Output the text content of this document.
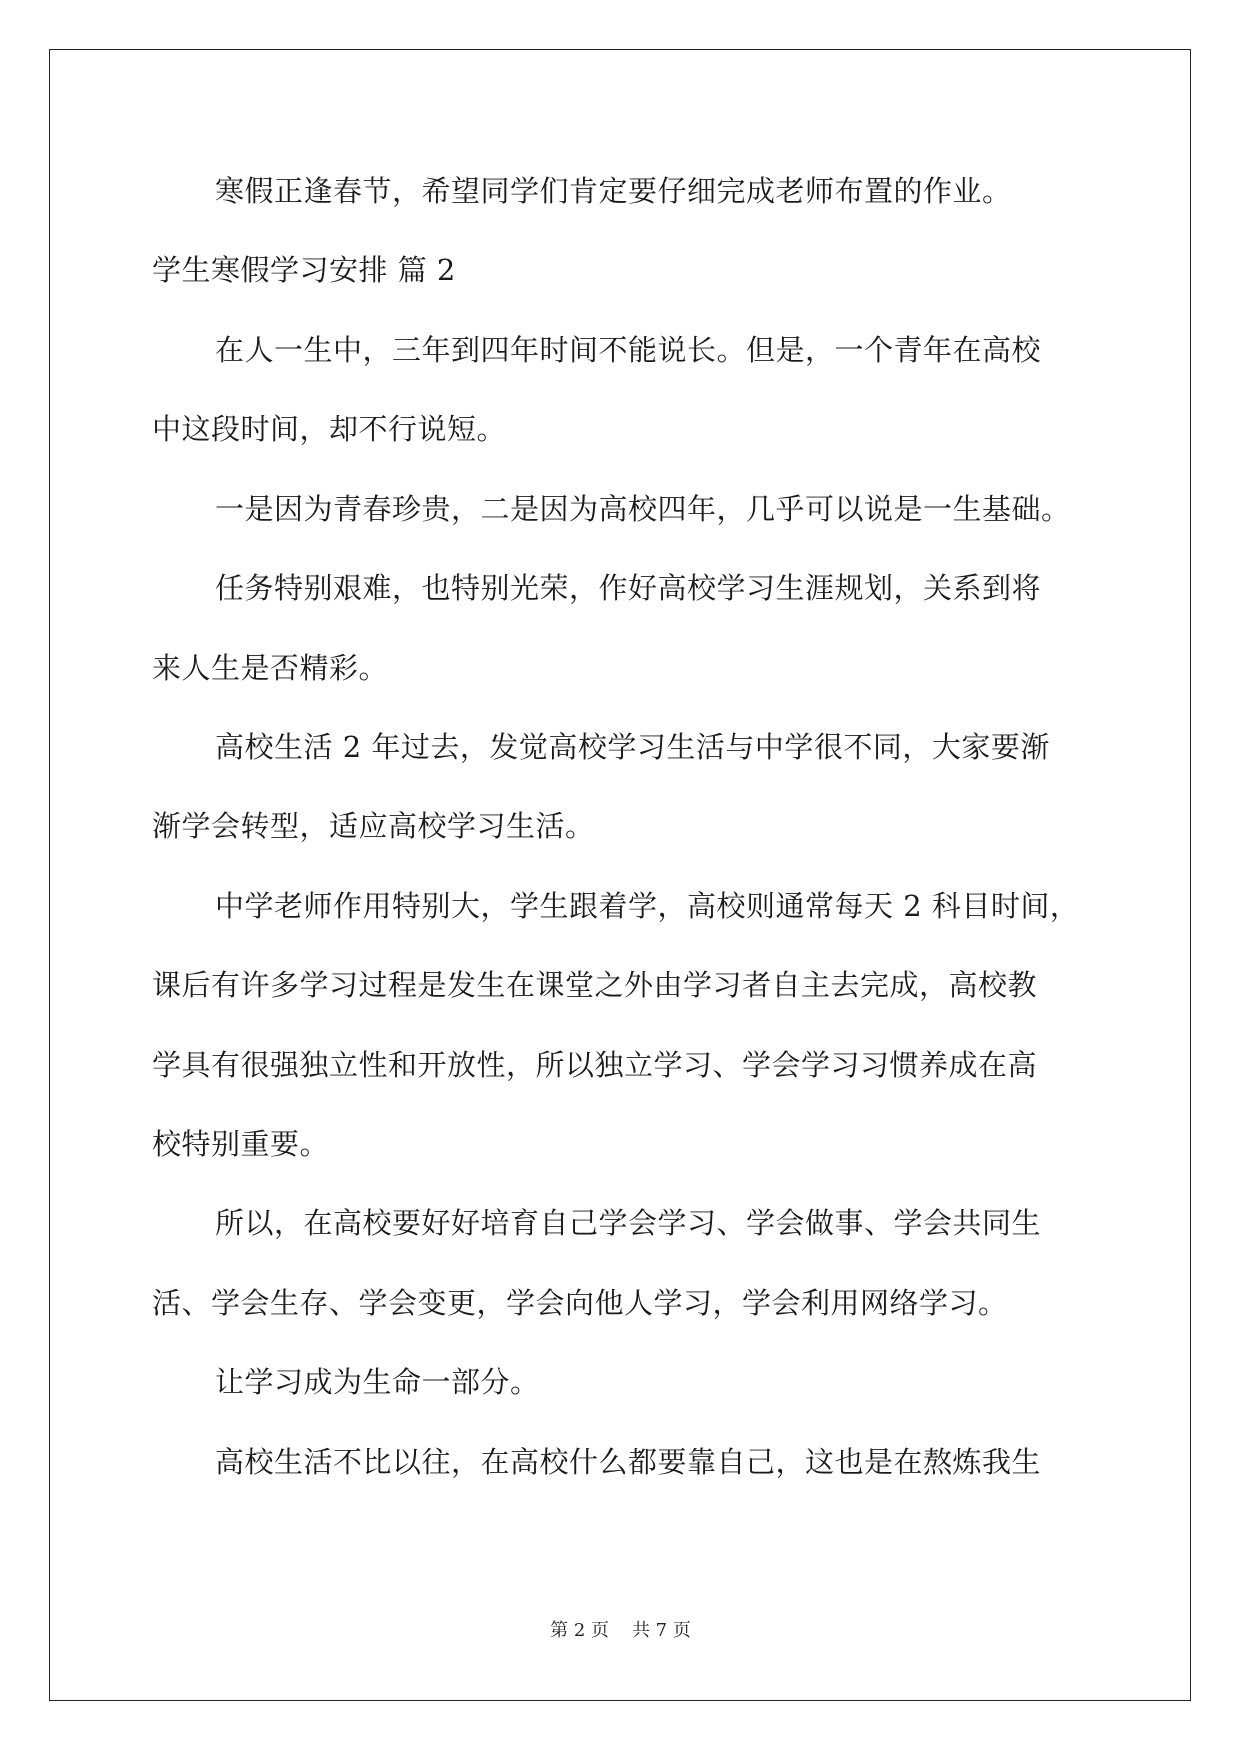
寒假正逢春节，希望同学们肯定要仔细完成老师布置的作业。
学生寒假学习安排 篇 2
在人一生中，三年到四年时间不能说长。但是，一个青年在高校
中这段时间，却不行说短。
一是因为青春珍贵，二是因为高校四年，几乎可以说是一生基础。
任务特别艰难，也特别光荣，作好高校学习生涯规划，关系到将
来人生是否精彩。
高校生活 2 年过去，发觉高校学习生活与中学很不同，大家要渐
渐学会转型，适应高校学习生活。
中学老师作用特别大，学生跟着学，高校则通常每天 2 科目时间，
课后有许多学习过程是发生在课堂之外由学习者自主去完成，高校教
学具有很强独立性和开放性，所以独立学习、学会学习习惯养成在高
校特别重要。
所以，在高校要好好培育自己学会学习、学会做事、学会共同生
活、学会生存、学会变更，学会向他人学习，学会利用网络学习。
让学习成为生命一部分。
高校生活不比以往，在高校什么都要靠自己，这也是在熬炼我生
第 2 页 共 7 页
